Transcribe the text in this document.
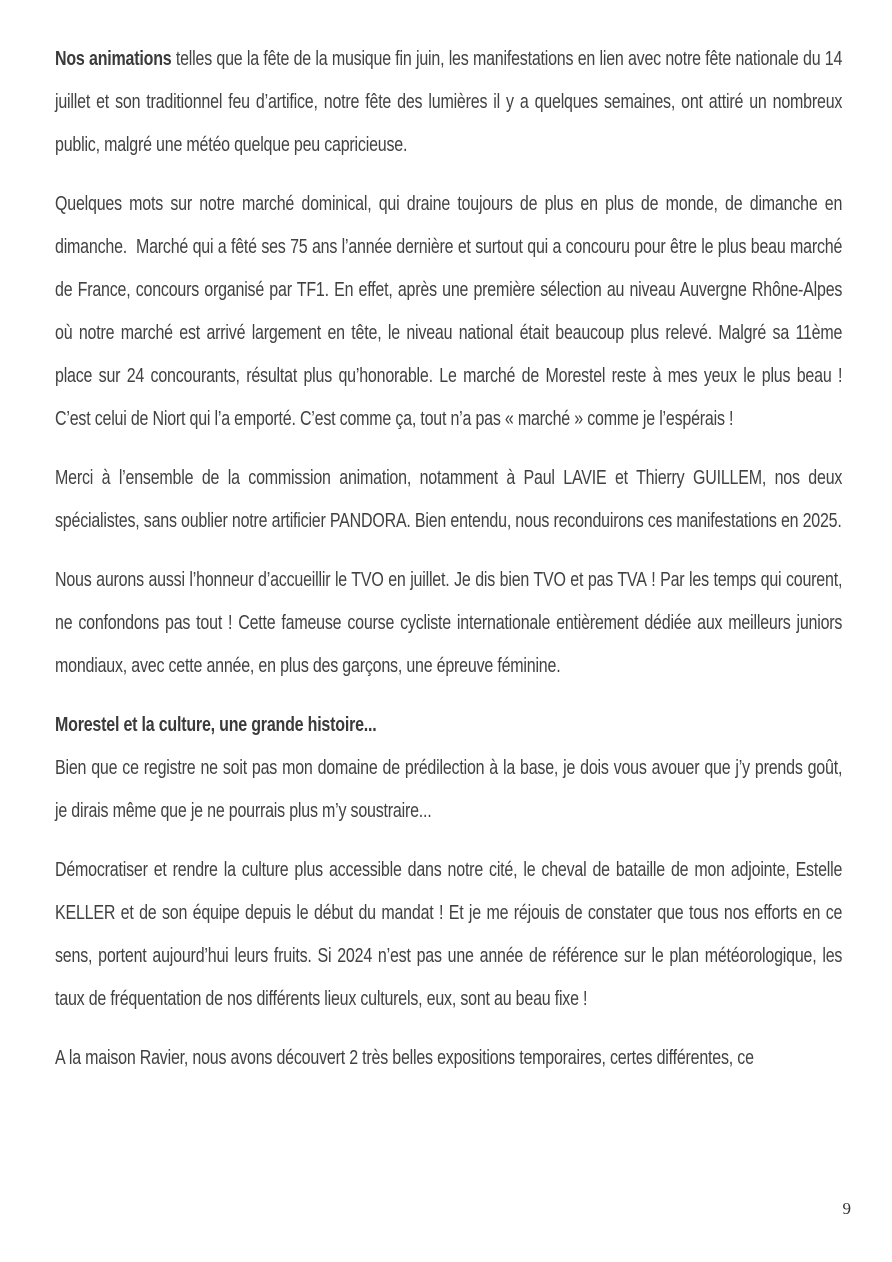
Nos animations telles que la fête de la musique fin juin, les manifestations en lien avec notre fête nationale du 14 juillet et son traditionnel feu d’artifice, notre fête des lumières il y a quelques semaines, ont attiré un nombreux public, malgré une météo quelque peu capricieuse.

Quelques mots sur notre marché dominical, qui draine toujours de plus en plus de monde, de dimanche en dimanche.  Marché qui a fêté ses 75 ans l’année dernière et surtout qui a concouru pour être le plus beau marché de France, concours organisé par TF1. En effet, après une première sélection au niveau Auvergne Rhône-Alpes où notre marché est arrivé largement en tête, le niveau national était beaucoup plus relevé. Malgré sa 11ème place sur 24 concourants, résultat plus qu’honorable. Le marché de Morestel reste à mes yeux le plus beau ! C’est celui de Niort qui l’a emporté. C’est comme ça, tout n’a pas « marché » comme je l’espérais !

Merci à l’ensemble de la commission animation, notamment à Paul LAVIE et Thierry GUILLEM, nos deux spécialistes, sans oublier notre artificier PANDORA. Bien entendu, nous reconduirons ces manifestations en 2025.

Nous aurons aussi l’honneur d’accueillir le TVO en juillet. Je dis bien TVO et pas TVA ! Par les temps qui courent, ne confondons pas tout ! Cette fameuse course cycliste internationale entièrement dédiée aux meilleurs juniors mondiaux, avec cette année, en plus des garçons, une épreuve féminine.

Morestel et la culture, une grande histoire...

Bien que ce registre ne soit pas mon domaine de prédilection à la base, je dois vous avouer que j’y prends goût, je dirais même que je ne pourrais plus m’y soustraire...

Démocratiser et rendre la culture plus accessible dans notre cité, le cheval de bataille de mon adjointe, Estelle KELLER et de son équipe depuis le début du mandat ! Et je me réjouis de constater que tous nos efforts en ce sens, portent aujourd’hui leurs fruits. Si 2024 n’est pas une année de référence sur le plan météorologique, les taux de fréquentation de nos différents lieux culturels, eux, sont au beau fixe !

A la maison Ravier, nous avons découvert 2 très belles expositions temporaires, certes différentes, ce

9
